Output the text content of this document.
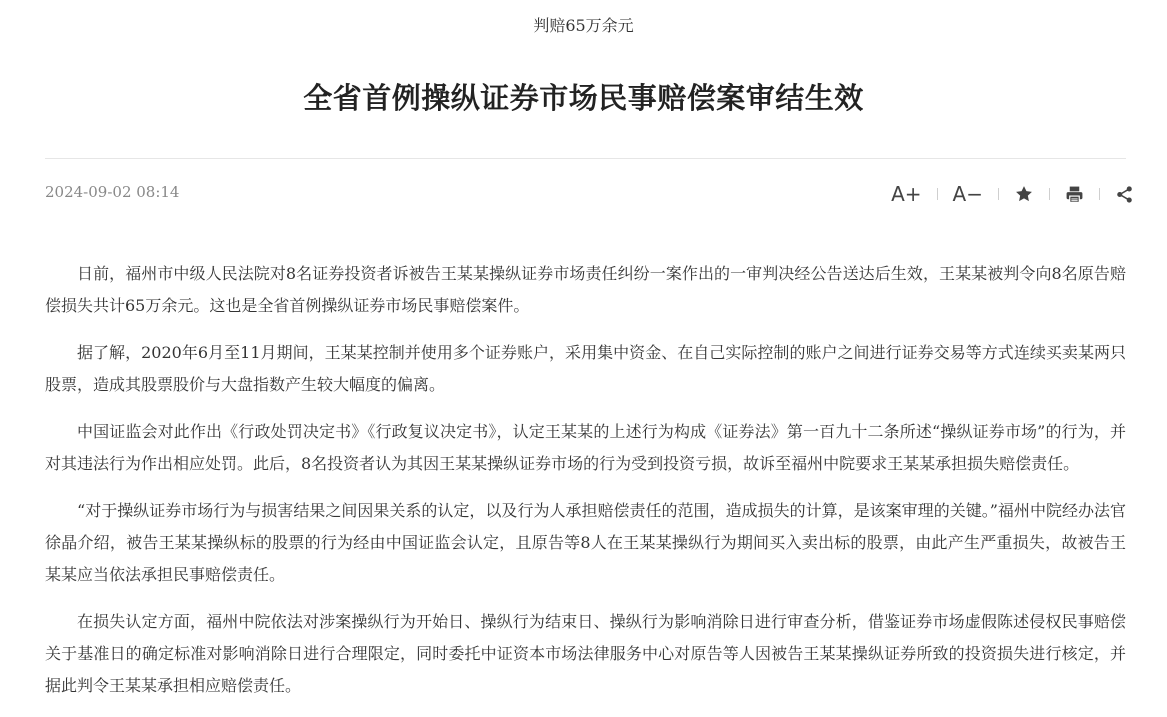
判赔65万余元
全省首例操纵证券市场民事赔偿案审结生效
2024-09-02 08:14	A+ A−

日前，福州市中级人民法院对8名证券投资者诉被告王某某操纵证券市场责任纠纷一案作出的一审判决经公告送达后生效，王某某被判令向8名原告赔偿损失共计65万余元。这也是全省首例操纵证券市场民事赔偿案件。

据了解，2020年6月至11月期间，王某某控制并使用多个证券账户，采用集中资金、在自己实际控制的账户之间进行证券交易等方式连续买卖某两只股票，造成其股票股价与大盘指数产生较大幅度的偏离。

中国证监会对此作出《行政处罚决定书》《行政复议决定书》，认定王某某的上述行为构成《证券法》第一百九十二条所述“操纵证券市场”的行为，并对其违法行为作出相应处罚。此后，8名投资者认为其因王某某操纵证券市场的行为受到投资亏损，故诉至福州中院要求王某某承担损失赔偿责任。

“对于操纵证券市场行为与损害结果之间因果关系的认定，以及行为人承担赔偿责任的范围，造成损失的计算，是该案审理的关键。”福州中院经办法官徐晶介绍，被告王某某操纵标的股票的行为经由中国证监会认定，且原告等8人在王某某操纵行为期间买入卖出标的股票，由此产生严重损失，故被告王某某应当依法承担民事赔偿责任。

在损失认定方面，福州中院依法对涉案操纵行为开始日、操纵行为结束日、操纵行为影响消除日进行审查分析，借鉴证券市场虚假陈述侵权民事赔偿关于基准日的确定标准对影响消除日进行合理限定，同时委托中证资本市场法律服务中心对原告等人因被告王某某操纵证券所致的投资损失进行核定，并据此判令王某某承担相应赔偿责任。
